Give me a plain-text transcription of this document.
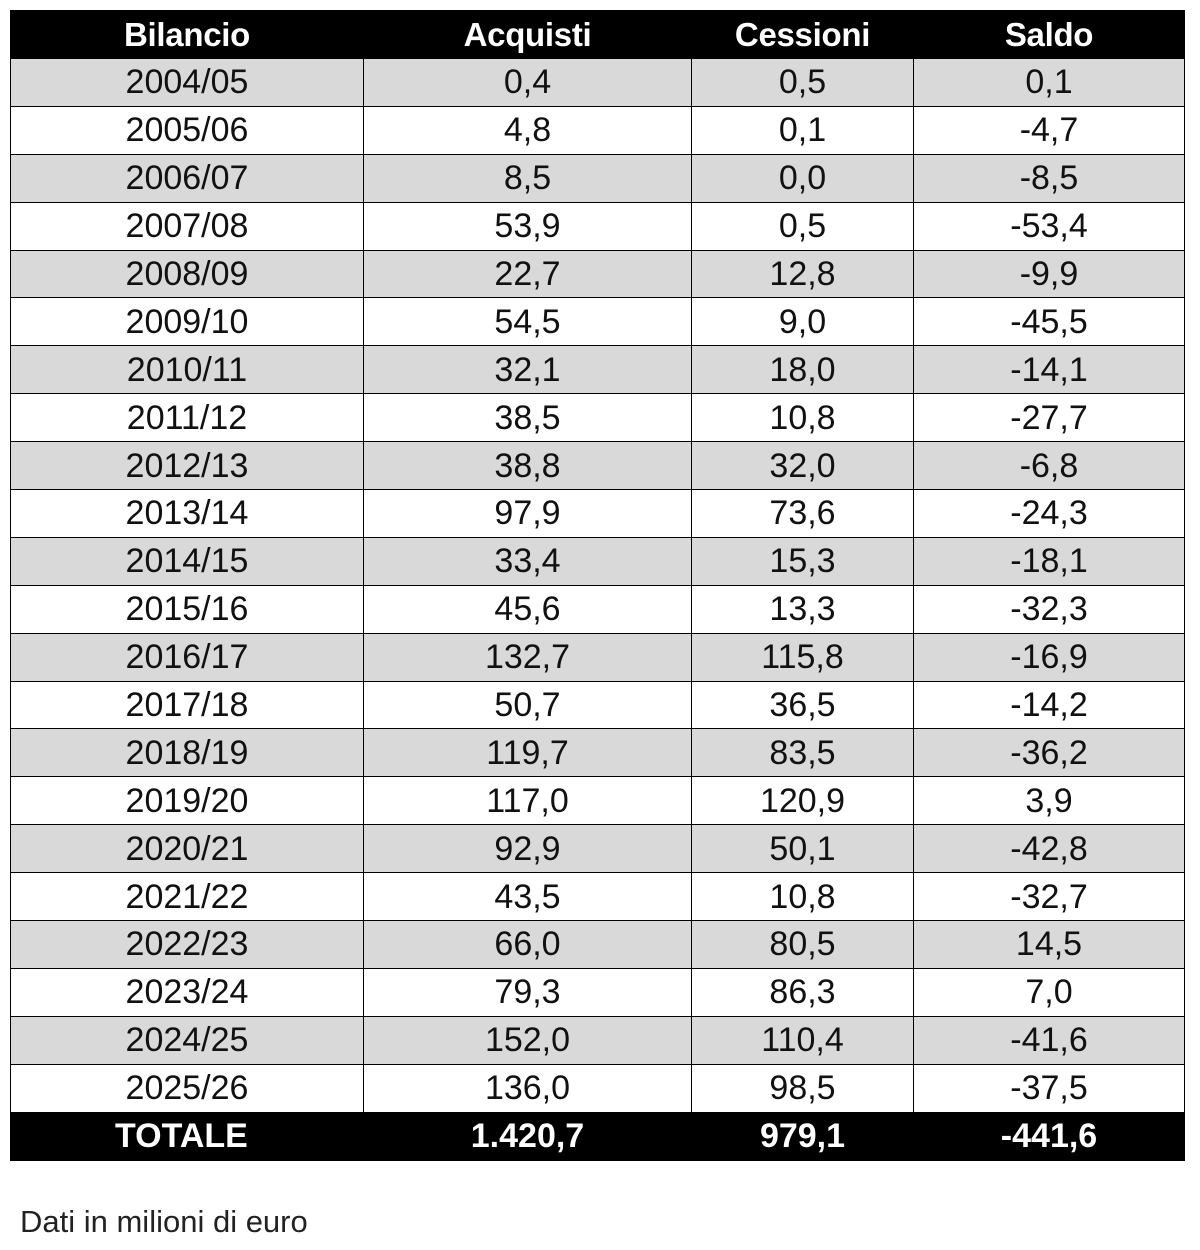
Bilancio	Acquisti	Cessioni	Saldo
2004/05	0,4	0,5	0,1
2005/06	4,8	0,1	-4,7
2006/07	8,5	0,0	-8,5
2007/08	53,9	0,5	-53,4
2008/09	22,7	12,8	-9,9
2009/10	54,5	9,0	-45,5
2010/11	32,1	18,0	-14,1
2011/12	38,5	10,8	-27,7
2012/13	38,8	32,0	-6,8
2013/14	97,9	73,6	-24,3
2014/15	33,4	15,3	-18,1
2015/16	45,6	13,3	-32,3
2016/17	132,7	115,8	-16,9
2017/18	50,7	36,5	-14,2
2018/19	119,7	83,5	-36,2
2019/20	117,0	120,9	3,9
2020/21	92,9	50,1	-42,8
2021/22	43,5	10,8	-32,7
2022/23	66,0	80,5	14,5
2023/24	79,3	86,3	7,0
2024/25	152,0	110,4	-41,6
2025/26	136,0	98,5	-37,5
TOTALE	1.420,7	979,1	-441,6
Dati in milioni di euro
